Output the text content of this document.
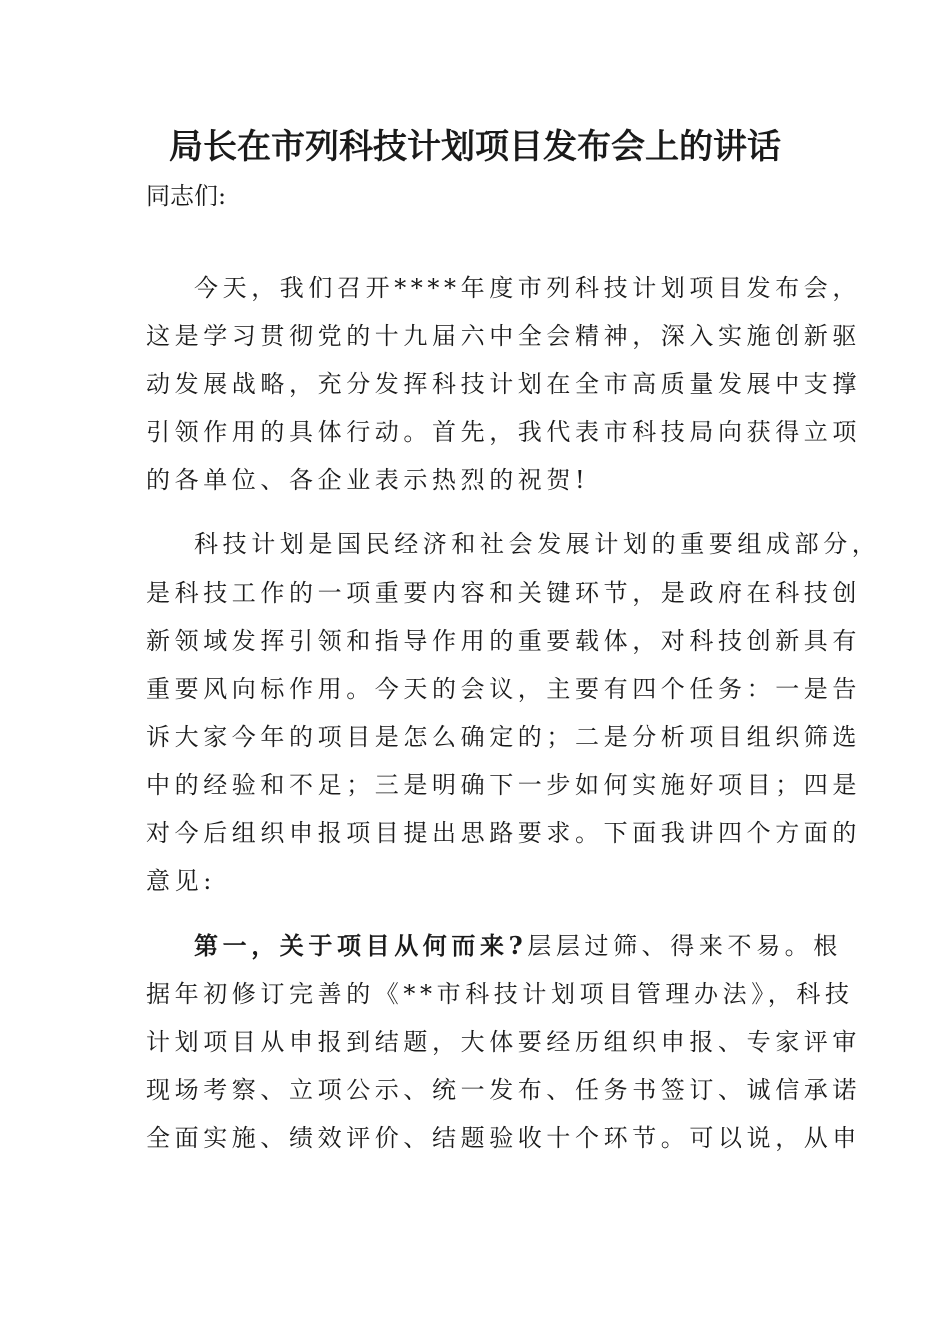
局长在市列科技计划项目发布会上的讲话

同志们:

今天，我们召开****年度市列科技计划项目发布会，

这是学习贯彻党的十九届六中全会精神，深入实施创新驱

动发展战略，充分发挥科技计划在全市高质量发展中支撑

引领作用的具体行动。首先，我代表市科技局向获得立项

的各单位、各企业表示热烈的祝贺!

科技计划是国民经济和社会发展计划的重要组成部分，

是科技工作的一项重要内容和关键环节，是政府在科技创

新领域发挥引领和指导作用的重要载体，对科技创新具有

重要风向标作用。今天的会议，主要有四个任务：一是告

诉大家今年的项目是怎么确定的；二是分析项目组织筛选

中的经验和不足；三是明确下一步如何实施好项目；四是

对今后组织申报项目提出思路要求。下面我讲四个方面的

意见:

第一，关于项目从何而来?层层过筛、得来不易。根

据年初修订完善的《**市科技计划项目管理办法》，科技

计划项目从申报到结题，大体要经历组织申报、专家评审

现场考察、立项公示、统一发布、任务书签订、诚信承诺

全面实施、绩效评价、结题验收十个环节。可以说，从申
